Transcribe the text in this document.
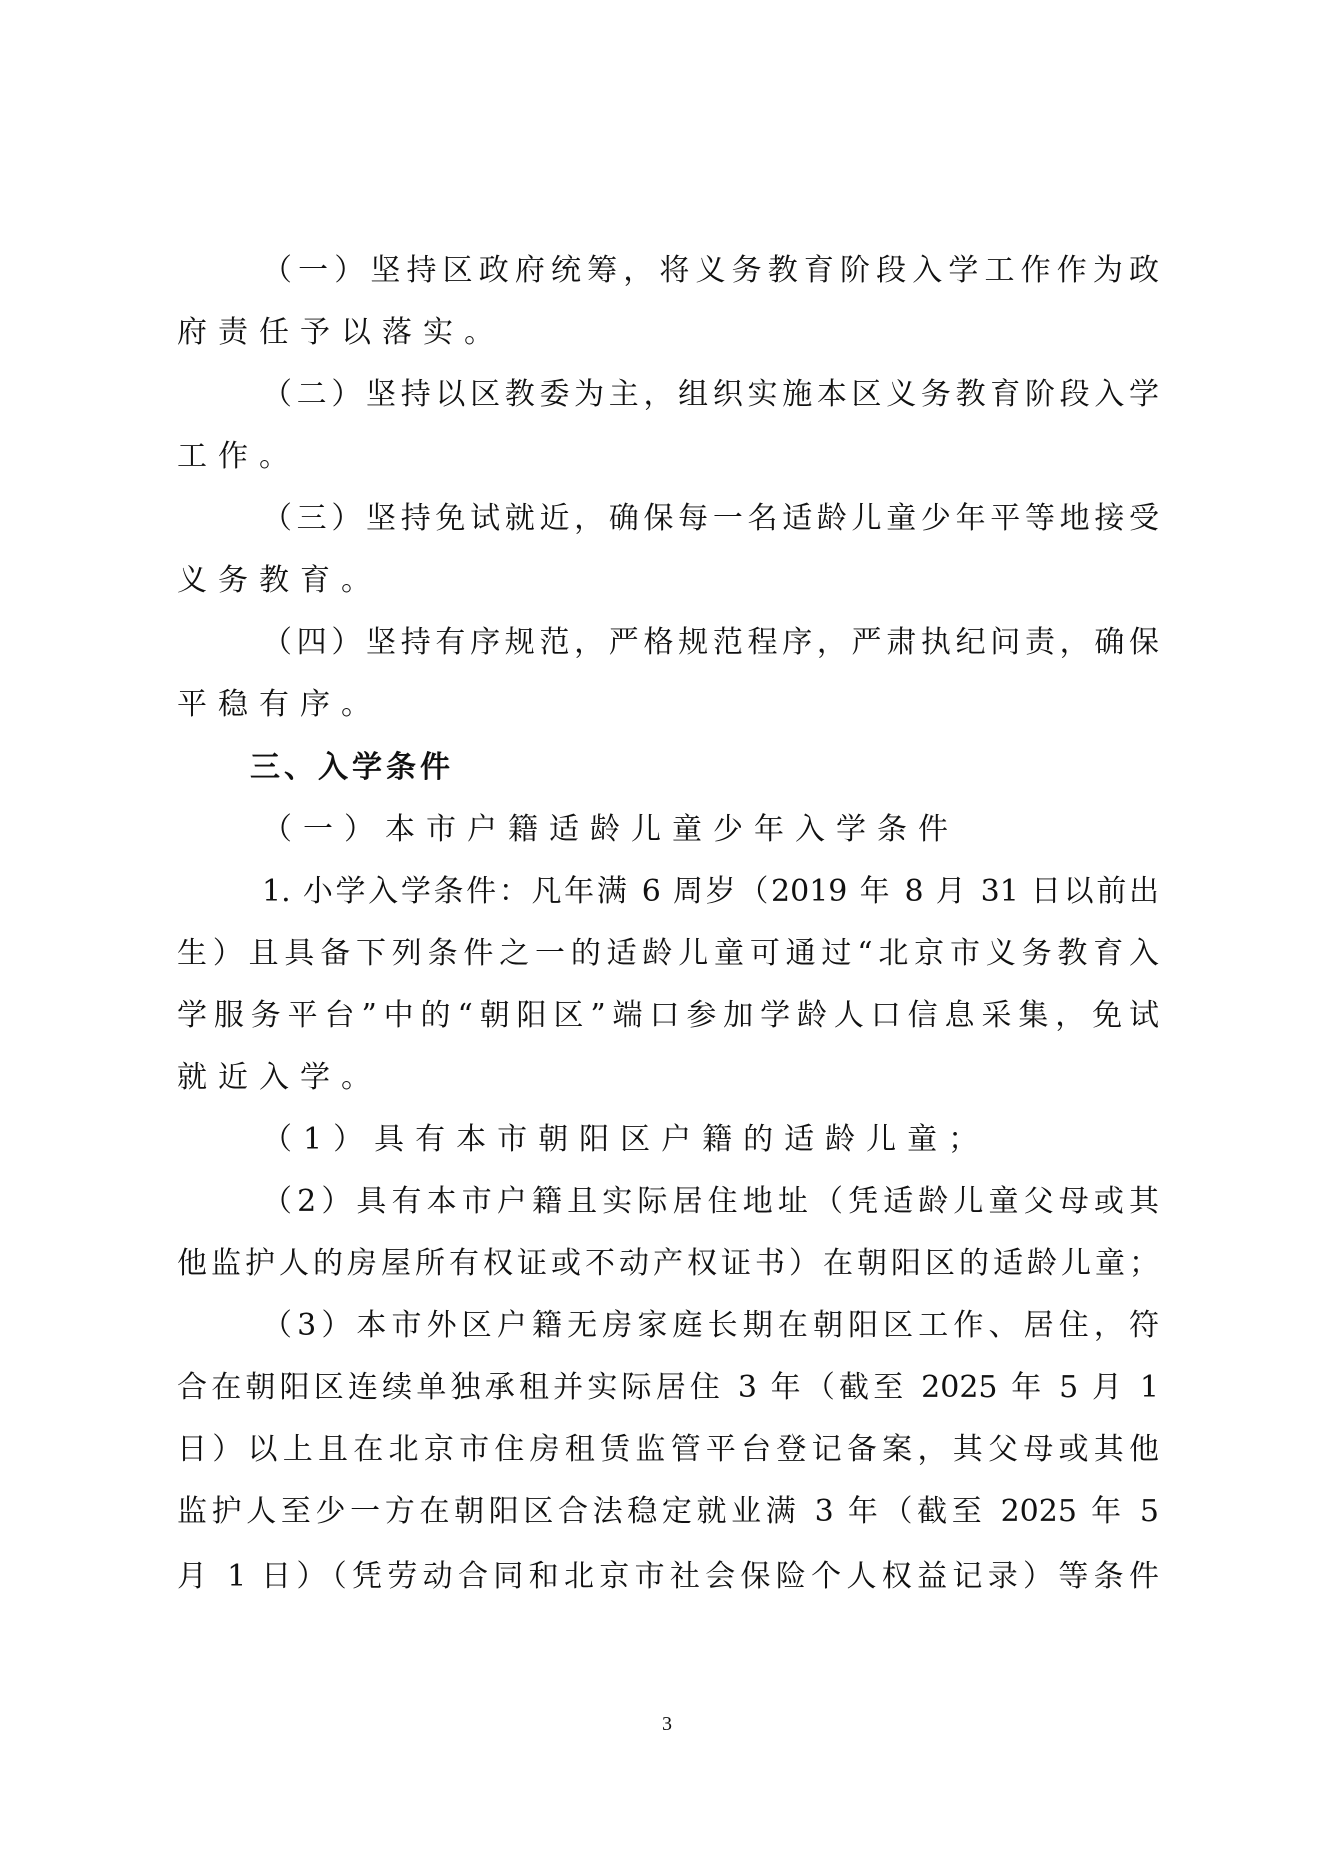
（一）坚持区政府统筹，将义务教育阶段入学工作作为政
府责任予以落实。
（二）坚持以区教委为主，组织实施本区义务教育阶段入学
工作。
（三）坚持免试就近，确保每一名适龄儿童少年平等地接受
义务教育。
（四）坚持有序规范，严格规范程序，严肃执纪问责，确保
平稳有序。
三、入学条件
（一）本市户籍适龄儿童少年入学条件
1. 小学入学条件：凡年满 6 周岁（2019 年 8 月 31 日以前出
生）且具备下列条件之一的适龄儿童可通过“北京市义务教育入
学服务平台”中的“朝阳区”端口参加学龄人口信息采集，免试
就近入学。
（1）具有本市朝阳区户籍的适龄儿童；
（2）具有本市户籍且实际居住地址（凭适龄儿童父母或其
他监护人的房屋所有权证或不动产权证书）在朝阳区的适龄儿童；
（3）本市外区户籍无房家庭长期在朝阳区工作、居住，符
合在朝阳区连续单独承租并实际居住 3 年（截至 2025 年 5 月 1
日）以上且在北京市住房租赁监管平台登记备案，其父母或其他
监护人至少一方在朝阳区合法稳定就业满 3 年（截至 2025 年 5
月 1 日）（凭劳动合同和北京市社会保险个人权益记录）等条件
3
